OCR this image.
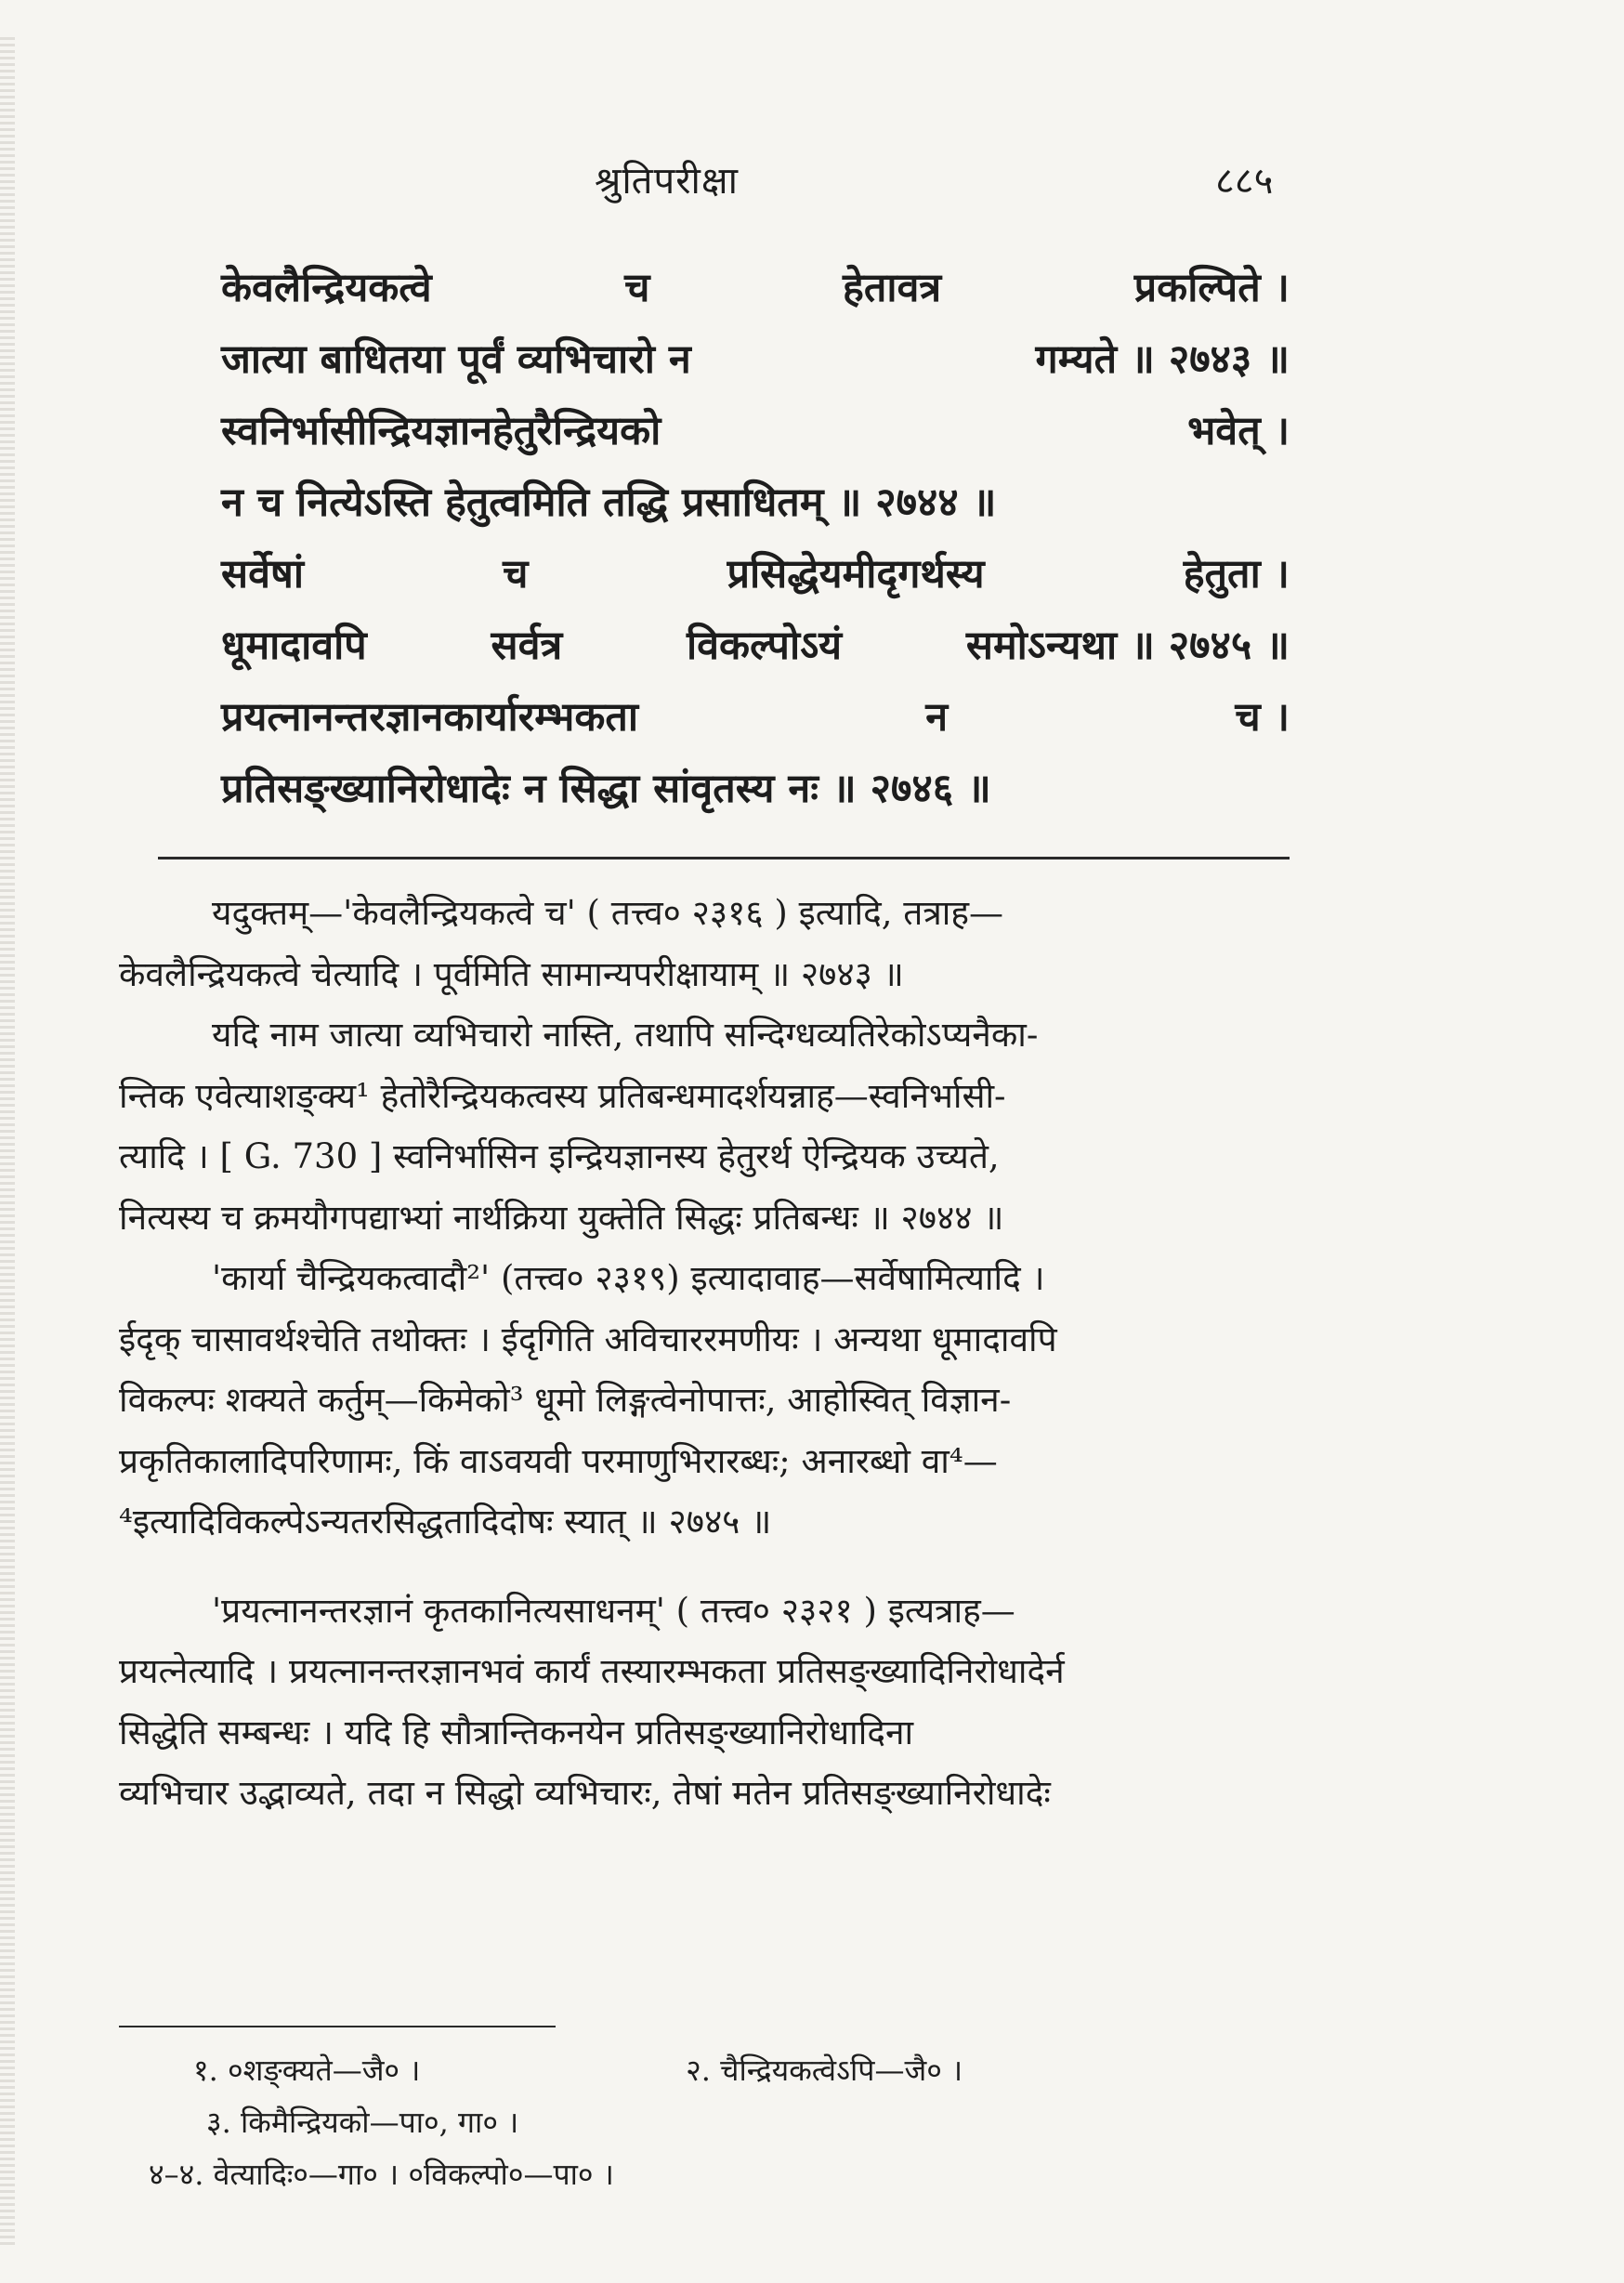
श्रुतिपरीक्षा	८८५
केवलैन्द्रियकत्वे	च	हेतावत्र	प्रकल्पिते ।
जात्या बाधितया पूर्वं व्यभिचारो न	गम्यते ॥ २७४३ ॥
स्वनिर्भासीन्द्रियज्ञानहेतुरैन्द्रियको	भवेत् ।
न च नित्येऽस्ति हेतुत्वमिति तद्धि प्रसाधितम् ॥ २७४४ ॥
सर्वेषां	च	प्रसिद्धेयमीदृगर्थस्य	हेतुता ।
धूमादावपि	सर्वत्र	विकल्पोऽयं	समोऽन्यथा ॥ २७४५ ॥
प्रयत्नानन्तरज्ञानकार्यारम्भकता	न	च ।
प्रतिसङ्ख्यानिरोधादेः न सिद्धा सांवृतस्य नः ॥ २७४६ ॥
यदुक्तम्—'केवलैन्द्रियकत्वे च' ( तत्त्व० २३१६ ) इत्यादि, तत्राह—
केवलैन्द्रियकत्वे चेत्यादि । पूर्वमिति सामान्यपरीक्षायाम् ॥ २७४३ ॥
यदि नाम जात्या व्यभिचारो नास्ति, तथापि सन्दिग्धव्यतिरेकोऽप्यनैका-
न्तिक एवेत्याशङ्क्य¹ हेतोरैन्द्रियकत्वस्य प्रतिबन्धमादर्शयन्नाह—स्वनिर्भासी-
त्यादि । [ G. 730 ] स्वनिर्भासिन इन्द्रियज्ञानस्य हेतुरर्थ ऐन्द्रियक उच्यते,
नित्यस्य च क्रमयौगपद्याभ्यां नार्थक्रिया युक्तेति सिद्धः प्रतिबन्धः ॥ २७४४ ॥
'कार्या चैन्द्रियकत्वादौ²' (तत्त्व० २३१९) इत्यादावाह—सर्वेषामित्यादि ।
ईदृक् चासावर्थश्चेति तथोक्तः । ईदृगिति अविचाररमणीयः । अन्यथा धूमादावपि
विकल्पः शक्यते कर्तुम्—किमेको³ धूमो लिङ्गत्वेनोपात्तः, आहोस्वित् विज्ञान-
प्रकृतिकालादिपरिणामः, किं वाऽवयवी परमाणुभिरारब्धः; अनारब्धो वा⁴—
⁴इत्यादिविकल्पेऽन्यतरसिद्धतादिदोषः स्यात् ॥ २७४५ ॥
'प्रयत्नानन्तरज्ञानं कृतकानित्यसाधनम्' ( तत्त्व० २३२१ ) इत्यत्राह—
प्रयत्नेत्यादि । प्रयत्नानन्तरज्ञानभवं कार्यं तस्यारम्भकता प्रतिसङ्ख्यादिनिरोधादेर्न
सिद्धेति सम्बन्धः । यदि हि सौत्रान्तिकनयेन प्रतिसङ्ख्यानिरोधादिना
व्यभिचार उद्भाव्यते, तदा न सिद्धो व्यभिचारः, तेषां मतेन प्रतिसङ्ख्यानिरोधादेः
१. ०शङ्क्यते—जै० ।	२. चैन्द्रियकत्वेऽपि—जै० ।
३. किमैन्द्रियको—पा०, गा० ।
४–४. वेत्यादिः०—गा० । ०विकल्पो०—पा० ।
